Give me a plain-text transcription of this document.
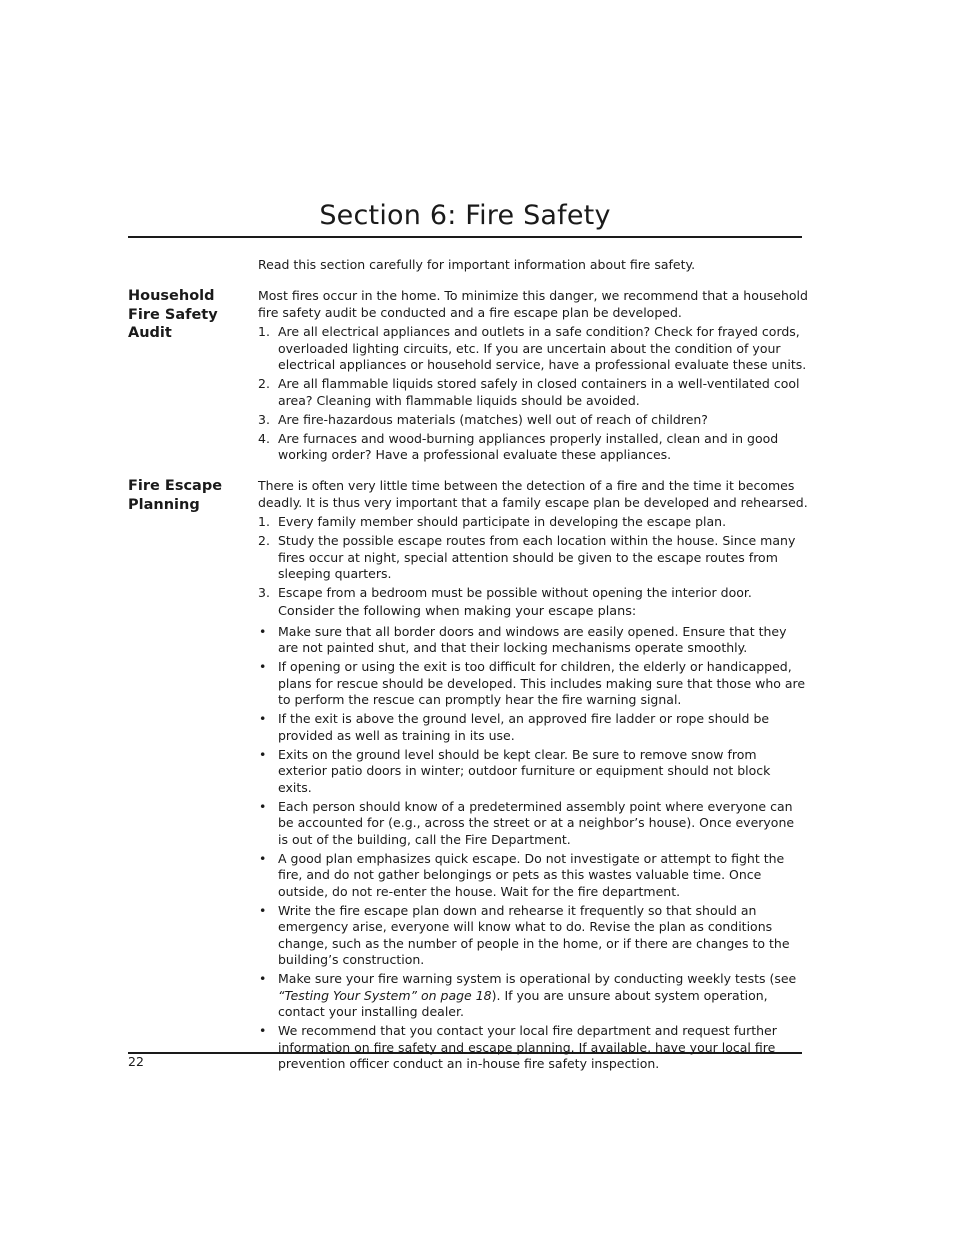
Section 6: Fire Safety

Read this section carefully for important information about fire safety.

Household
Fire Safety
Audit

Most fires occur in the home. To minimize this danger, we recommend that a household fire safety audit be conducted and a fire escape plan be developed.

1. Are all electrical appliances and outlets in a safe condition? Check for frayed cords, overloaded lighting circuits, etc. If you are uncertain about the condition of your electrical appliances or household service, have a professional evaluate these units.
2. Are all flammable liquids stored safely in closed containers in a well-ventilated cool area? Cleaning with flammable liquids should be avoided.
3. Are fire-hazardous materials (matches) well out of reach of children?
4. Are furnaces and wood-burning appliances properly installed, clean and in good working order? Have a professional evaluate these appliances.
Fire Escape
Planning

There is often very little time between the detection of a fire and the time it becomes deadly. It is thus very important that a family escape plan be developed and rehearsed.

1. Every family member should participate in developing the escape plan.
2. Study the possible escape routes from each location within the house. Since many fires occur at night, special attention should be given to the escape routes from sleeping quarters.
3. Escape from a bedroom must be possible without opening the interior door.

Consider the following when making your escape plans:

• Make sure that all border doors and windows are easily opened. Ensure that they are not painted shut, and that their locking mechanisms operate smoothly.
• If opening or using the exit is too difficult for children, the elderly or handicapped, plans for rescue should be developed. This includes making sure that those who are to perform the rescue can promptly hear the fire warning signal.
• If the exit is above the ground level, an approved fire ladder or rope should be provided as well as training in its use.
• Exits on the ground level should be kept clear. Be sure to remove snow from exterior patio doors in winter; outdoor furniture or equipment should not block exits.
• Each person should know of a predetermined assembly point where everyone can be accounted for (e.g., across the street or at a neighbor’s house). Once everyone is out of the building, call the Fire Department.
• A good plan emphasizes quick escape. Do not investigate or attempt to fight the fire, and do not gather belongings or pets as this wastes valuable time. Once outside, do not re-enter the house. Wait for the fire department.
• Write the fire escape plan down and rehearse it frequently so that should an emergency arise, everyone will know what to do. Revise the plan as conditions change, such as the number of people in the home, or if there are changes to the building’s construction.
• Make sure your fire warning system is operational by conducting weekly tests (see “Testing Your System” on page 18). If you are unsure about system operation, contact your installing dealer.
• We recommend that you contact your local fire department and request further information on fire safety and escape planning. If available, have your local fire prevention officer conduct an in-house fire safety inspection.
22
